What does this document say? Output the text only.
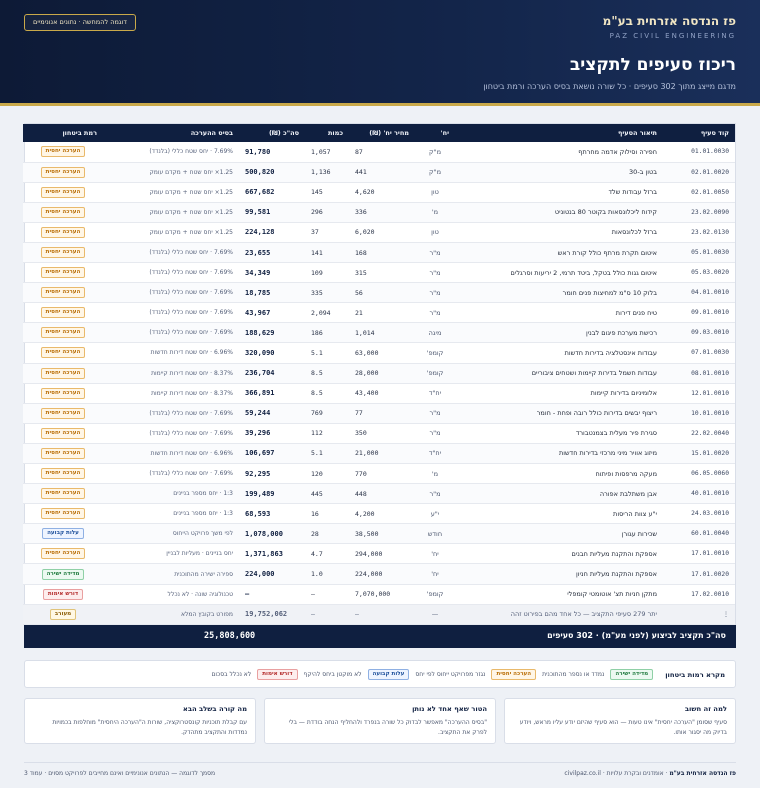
פז הנדסה אזרחית בע"מ
PAZ CIVIL ENGINEERING
דוגמה להמחשה · נתונים אנונימיים
ריכוז סעיפים לתקציב
מדגם מייצג מתוך 302 סעיפים · כל שורה נושאת בסיס הערכה ורמת ביטחון
קוד סעיף	תיאור הסעיף	יח'	מחיר יח' (₪)	כמות	סה"כ (₪)	בסיס ההערכה	רמת ביטחון
01.01.0030	חפירה וסילוק אדמה מחרתף	מ"ק	87	1,057	91,780	7.69% · יחס שטח כללי (בלנדד)	הערכה יחסית
02.01.0020	בטון ב-30	מ"ק	441	1,136	500,820	1.25× יחס שטח + מקדם עומק	הערכה יחסית
02.01.0050	ברזל עבודות שלד	טון	4,620	145	667,682	1.25× יחס שטח + מקדם עומק	הערכה יחסית
23.02.0090	קידוח ליכלונסאות בקוטר 80 בנטוניט	מ'	336	296	99,581	1.25× יחס שטח + מקדם עומק	הערכה יחסית
23.02.0130	ברזל לכלונסאות	טון	6,020	37	224,128	1.25× יחס שטח + מקדם עומק	הערכה יחסית
05.01.0030	איטום תקרת מרתף כולל קורת ראש	מ"ר	168	141	23,655	7.69% · יחס שטח כללי (בלנדד)	הערכה יחסית
05.03.0020	איטום גגות כולל בטקל, ביטד תרמי, 2 יריעות וסרגלים	מ"ר	315	109	34,349	7.69% · יחס שטח כללי (בלנדד)	הערכה יחסית
04.01.0010	בלוק 10 ס"מ למחיצות פנים חומר	מ"ר	56	335	18,785	7.69% · יחס שטח כללי (בלנדד)	הערכה יחסית
09.01.0010	טיח פנים דירות	מ"ר	21	2,094	43,967	7.69% · יחס שטח כללי (בלנדד)	הערכה יחסית
09.03.0010	רכישת מערכת פיגום לבנין	מיגה	1,014	186	188,629	7.69% · יחס שטח כללי (בלנדד)	הערכה יחסית
07.01.0030	עבודות אינסטלציה בדירות חדשות	קומפ'	63,000	5.1	320,090	6.96% · יחס שטח דירות חדשות	הערכה יחסית
08.01.0010	עבודות חשמל בדירות קיימות ושטחים ציבוריים	קומפ'	28,000	8.5	236,704	8.37% · יחס שטח דירות קיימות	הערכה יחסית
12.01.0010	אלומיניום בדירות קיימות	יח"ד	43,400	8.5	366,891	8.37% · יחס שטח דירות קיימות	הערכה יחסית
10.01.0010	ריצוף יבשים בדירות כולל רובה ופחת - חומר	מ"ר	77	769	59,244	7.69% · יחס שטח כללי (בלנדד)	הערכה יחסית
22.02.0040	סגירת פיר מעלית בצמנטבורד	מ"ר	350	112	39,296	7.69% · יחס שטח כללי (בלנדד)	הערכה יחסית
15.01.0020	מיזוג אוויר מיני מרכזי בדירות חדשות	יח"ד	21,000	5.1	106,697	6.96% · יחס שטח דירות חדשות	הערכה יחסית
06.05.0060	מעקה מרפסות ופיתוח	מ'	770	120	92,295	7.69% · יחס שטח כללי (בלנדד)	הערכה יחסית
40.01.0010	אבן משתלבת אפורה	מ"ר	448	445	199,489	1:3 · יחס מספר בניינים	הערכה יחסית
24.03.0010	י"ע צוות הריסות	י"ע	4,200	16	68,593	1:3 · יחס מספר בניינים	הערכה יחסית
60.01.0040	שכירות עגורן	חודש	38,500	28	1,078,000	לפי משך פרויקט הייחוס	עלות קבועה
17.01.0010	אספקת והתקנת מעליות חבנים	יח'	294,000	4.7	1,371,863	יחס בניינים · מעליות לבניין	הערכה יחסית
17.01.0020	אספקת והתקנת מעליות חניון	יח'	224,000	1.0	224,000	ספירה ישירה מהתוכנית	מדידה ישירה
17.02.0010	מתקן חניות תצ' אוטומטי קומפלי	קומפ'	7,070,000	—	—	טכנולוגיה שונה · לא נכלל	דורש אימות
⋮	יתר 279 סעיפי התקציב — כל אחד מהם בפירוט זהה	—	—	—	19,752,062	מפורט בקובץ המלא	מעורב
סה"כ תקציב לביצוע (לפני מע"מ) · 302 סעיפים
25,808,600
מקרא רמות ביטחון
מדידה ישירה
נמדד או נספר מהתוכנית
הערכה יחסית
נגזר מפרויקט ייחוס לפי יחס
עלות קבועה
לא מוקטן ביחס להיקף
דורש אימות
לא נכלל בסכום
למה זה חשוב

סעיף שסומן "הערכה יחסית" אינו טעות — הוא סעיף שהיזם יודע עליו מראש, ויודע בדיוק מה יסגור אותו.

הטור שאף אחד לא נותן

"בסיס ההערכה" מאפשר לבדוק כל שורה בנפרד ולהחליף הנחה בודדת — בלי לפרק את התקציב.

מה קורה בשלב הבא

עם קבלת תוכניות קונסטרוקציה, שורות ה"הערכה היחסית" מוחלפות בכמויות נמדדות והתקציב מתהדק.

פז הנדסה אזרחית בע"מ · אומדנים ובקרת עלויות · civilpaz.co.il
מסמך לדוגמה — הנתונים אנונימיים ואינם מחייבים לפרויקט מסוים · עמוד 3
